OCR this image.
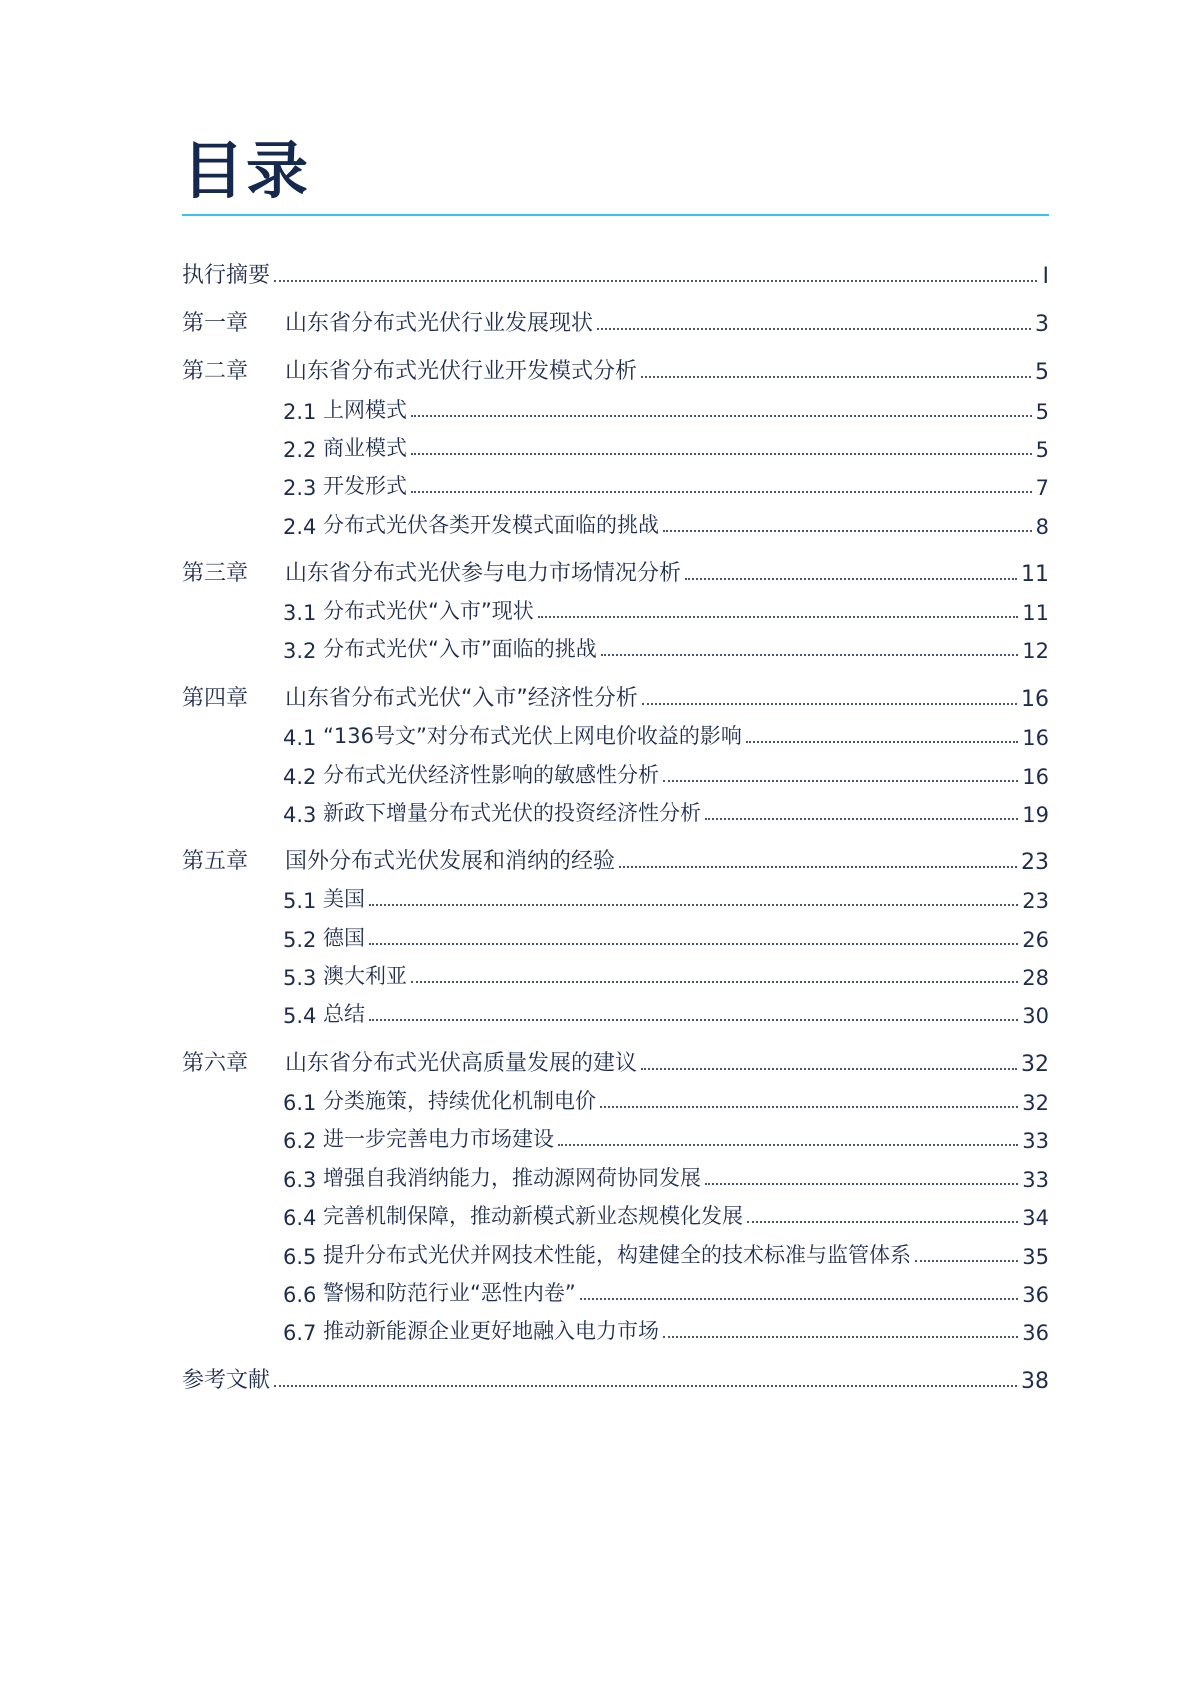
目录
执行摘要	I
第一章	山东省分布式光伏行业发展现状	3
第二章	山东省分布式光伏行业开发模式分析	5
2.1 上网模式	5
2.2 商业模式	5
2.3 开发形式	7
2.4 分布式光伏各类开发模式面临的挑战	8
第三章	山东省分布式光伏参与电力市场情况分析	11
3.1 分布式光伏“入市”现状	11
3.2 分布式光伏“入市”面临的挑战	12
第四章	山东省分布式光伏“入市”经济性分析	16
4.1 “136号文”对分布式光伏上网电价收益的影响	16
4.2 分布式光伏经济性影响的敏感性分析	16
4.3 新政下增量分布式光伏的投资经济性分析	19
第五章	国外分布式光伏发展和消纳的经验	23
5.1 美国	23
5.2 德国	26
5.3 澳大利亚	28
5.4 总结	30
第六章	山东省分布式光伏高质量发展的建议	32
6.1 分类施策，持续优化机制电价	32
6.2 进一步完善电力市场建设	33
6.3 增强自我消纳能力，推动源网荷协同发展	33
6.4 完善机制保障，推动新模式新业态规模化发展	34
6.5 提升分布式光伏并网技术性能，构建健全的技术标准与监管体系	35
6.6 警惕和防范行业“恶性内卷”	36
6.7 推动新能源企业更好地融入电力市场	36
参考文献	38
